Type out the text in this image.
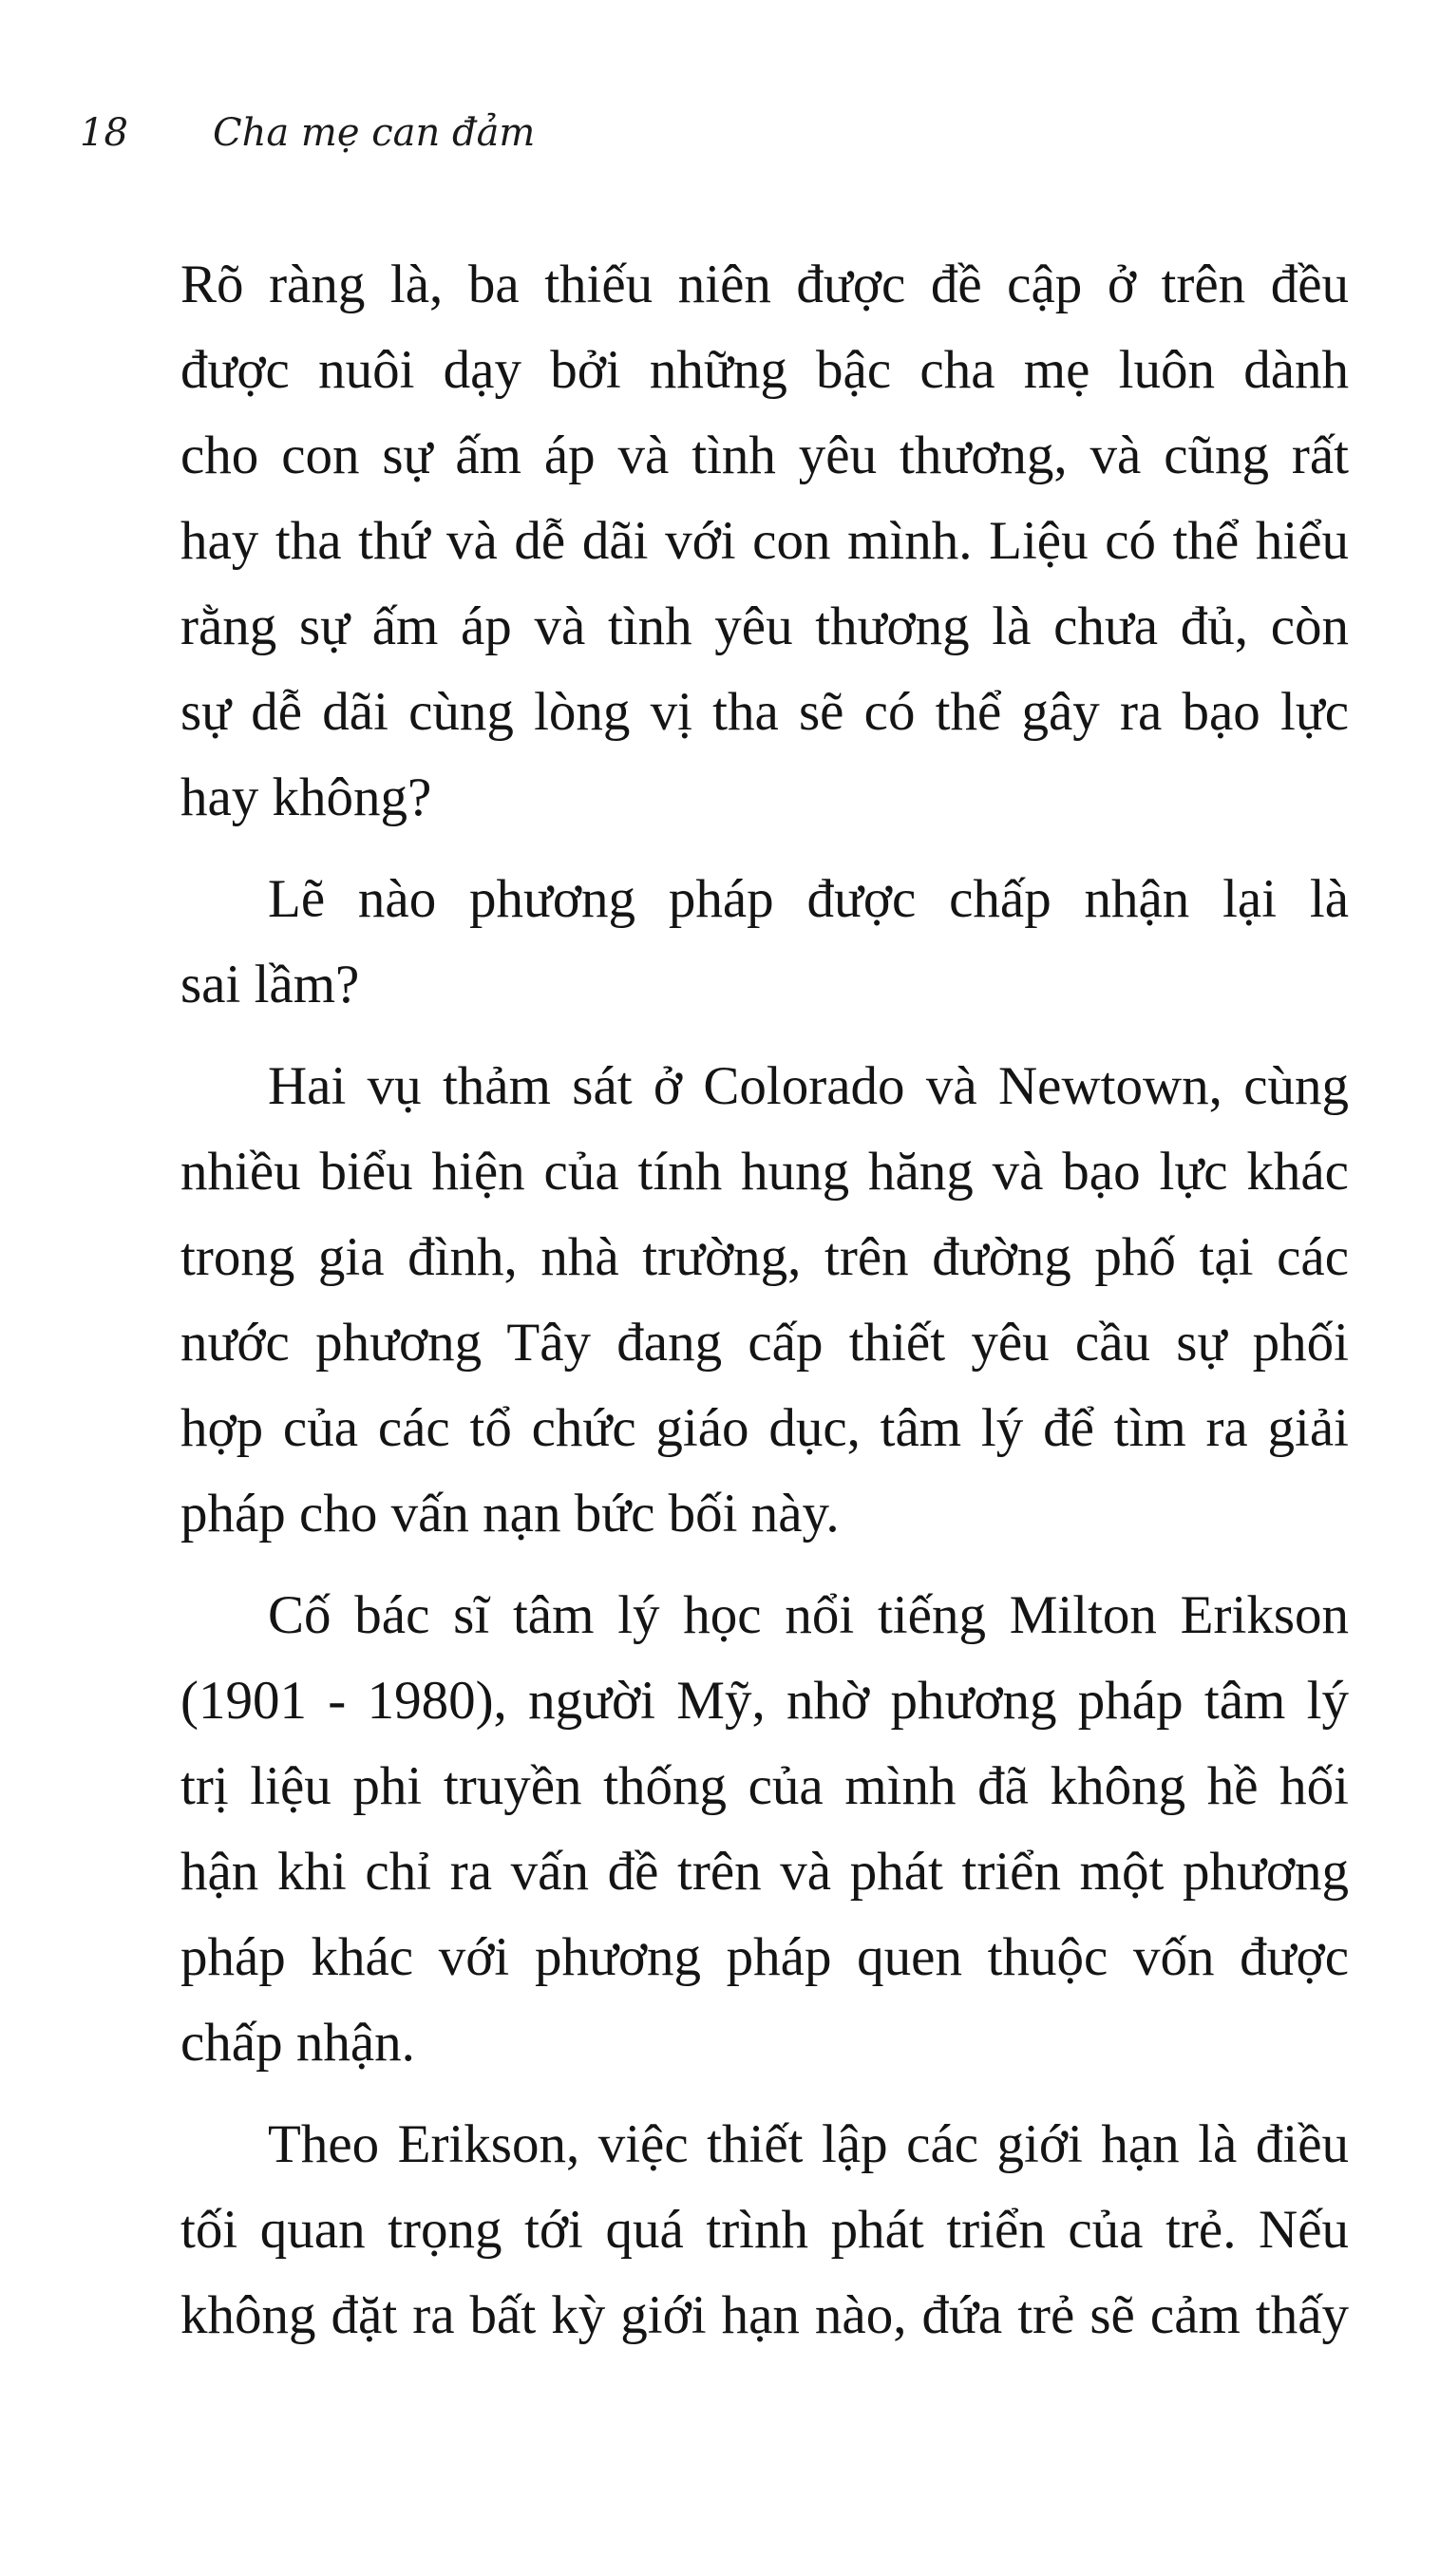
18 Cha mẹ can đảm

Rõ ràng là, ba thiếu niên được đề cập ở trên đều
được nuôi dạy bởi những bậc cha mẹ luôn dành
cho con sự ấm áp và tình yêu thương, và cũng rất
hay tha thứ và dễ dãi với con mình. Liệu có thể hiểu
rằng sự ấm áp và tình yêu thương là chưa đủ, còn
sự dễ dãi cùng lòng vị tha sẽ có thể gây ra bạo lực
hay không?

Lẽ nào phương pháp được chấp nhận lại là
sai lầm?

Hai vụ thảm sát ở Colorado và Newtown, cùng
nhiều biểu hiện của tính hung hăng và bạo lực khác
trong gia đình, nhà trường, trên đường phố tại các
nước phương Tây đang cấp thiết yêu cầu sự phối
hợp của các tổ chức giáo dục, tâm lý để tìm ra giải
pháp cho vấn nạn bức bối này.

Cố bác sĩ tâm lý học nổi tiếng Milton Erikson
(1901 - 1980), người Mỹ, nhờ phương pháp tâm lý
trị liệu phi truyền thống của mình đã không hề hối
hận khi chỉ ra vấn đề trên và phát triển một phương
pháp khác với phương pháp quen thuộc vốn được
chấp nhận.

Theo Erikson, việc thiết lập các giới hạn là điều
tối quan trọng tới quá trình phát triển của trẻ. Nếu
không đặt ra bất kỳ giới hạn nào, đứa trẻ sẽ cảm thấy
